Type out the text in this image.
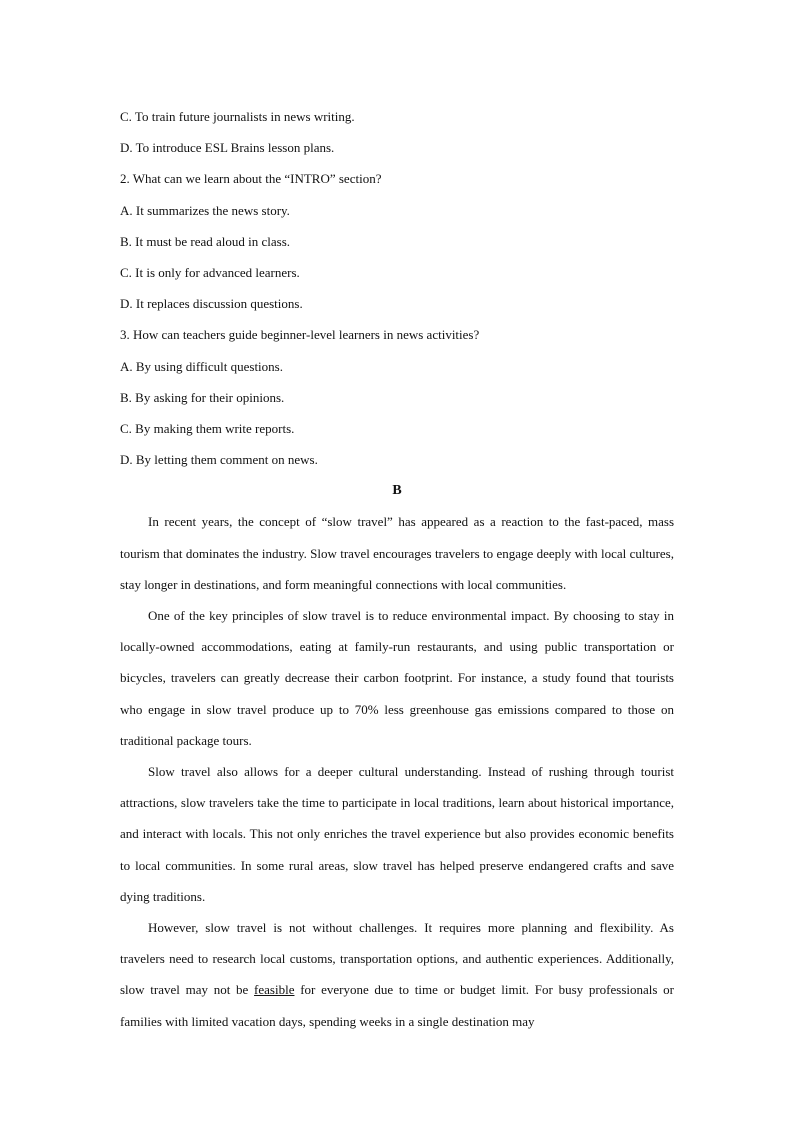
C. To train future journalists in news writing.
D. To introduce ESL Brains lesson plans.
2. What can we learn about the “INTRO” section?
A. It summarizes the news story.
B. It must be read aloud in class.
C. It is only for advanced learners.
D. It replaces discussion questions.
3. How can teachers guide beginner-level learners in news activities?
A. By using difficult questions.
B. By asking for their opinions.
C. By making them write reports.
D. By letting them comment on news.
B

In recent years, the concept of “slow travel” has appeared as a reaction to the fast-paced, mass tourism that dominates the industry. Slow travel encourages travelers to engage deeply with local cultures, stay longer in destinations, and form meaningful connections with local communities.

One of the key principles of slow travel is to reduce environmental impact. By choosing to stay in locally-owned accommodations, eating at family-run restaurants, and using public transportation or bicycles, travelers can greatly decrease their carbon footprint. For instance, a study found that tourists who engage in slow travel produce up to 70% less greenhouse gas emissions compared to those on traditional package tours.

Slow travel also allows for a deeper cultural understanding. Instead of rushing through tourist attractions, slow travelers take the time to participate in local traditions, learn about historical importance, and interact with locals. This not only enriches the travel experience but also provides economic benefits to local communities. In some rural areas, slow travel has helped preserve endangered crafts and save dying traditions.

However, slow travel is not without challenges. It requires more planning and flexibility. As travelers need to research local customs, transportation options, and authentic experiences. Additionally, slow travel may not be feasible for everyone due to time or budget limit. For busy professionals or families with limited vacation days, spending weeks in a single destination may
